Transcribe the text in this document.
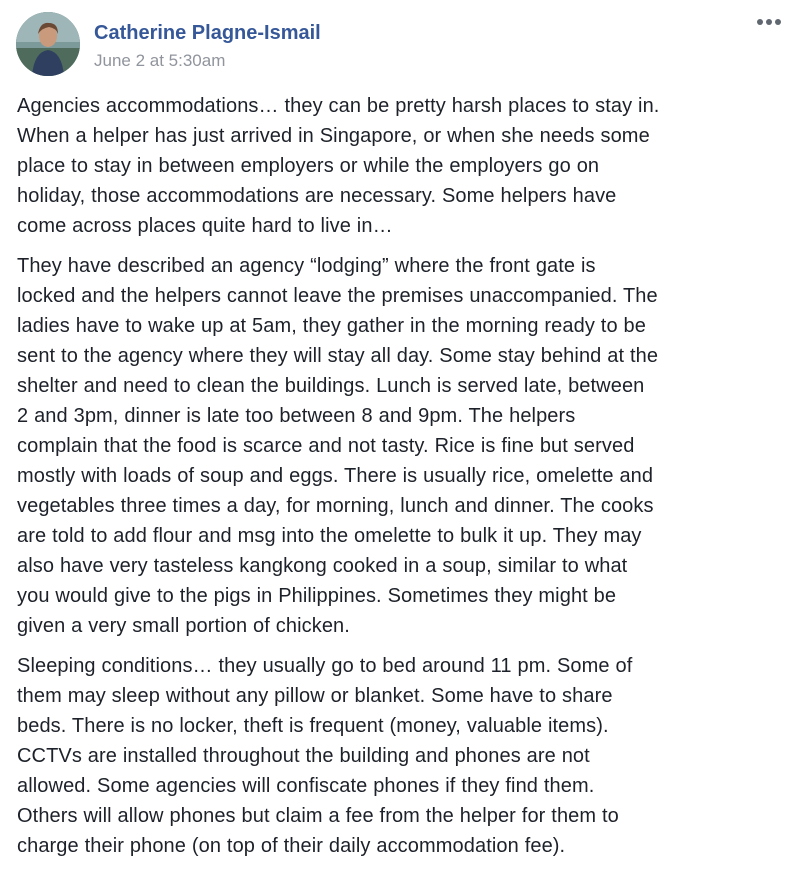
Catherine Plagne-Ismail
June 2 at 5:30am

Agencies accommodations… they can be pretty harsh places to stay in.
When a helper has just arrived in Singapore, or when she needs some
place to stay in between employers or while the employers go on
holiday, those accommodations are necessary. Some helpers have
come across places quite hard to live in…

They have described an agency “lodging” where the front gate is
locked and the helpers cannot leave the premises unaccompanied. The
ladies have to wake up at 5am, they gather in the morning ready to be
sent to the agency where they will stay all day. Some stay behind at the
shelter and need to clean the buildings. Lunch is served late, between
2 and 3pm, dinner is late too between 8 and 9pm. The helpers
complain that the food is scarce and not tasty. Rice is fine but served
mostly with loads of soup and eggs. There is usually rice, omelette and
vegetables three times a day, for morning, lunch and dinner. The cooks
are told to add flour and msg into the omelette to bulk it up. They may
also have very tasteless kangkong cooked in a soup, similar to what
you would give to the pigs in Philippines. Sometimes they might be
given a very small portion of chicken.

Sleeping conditions… they usually go to bed around 11 pm. Some of
them may sleep without any pillow or blanket. Some have to share
beds. There is no locker, theft is frequent (money, valuable items).
CCTVs are installed throughout the building and phones are not
allowed. Some agencies will confiscate phones if they find them.
Others will allow phones but claim a fee from the helper for them to
charge their phone (on top of their daily accommodation fee).
